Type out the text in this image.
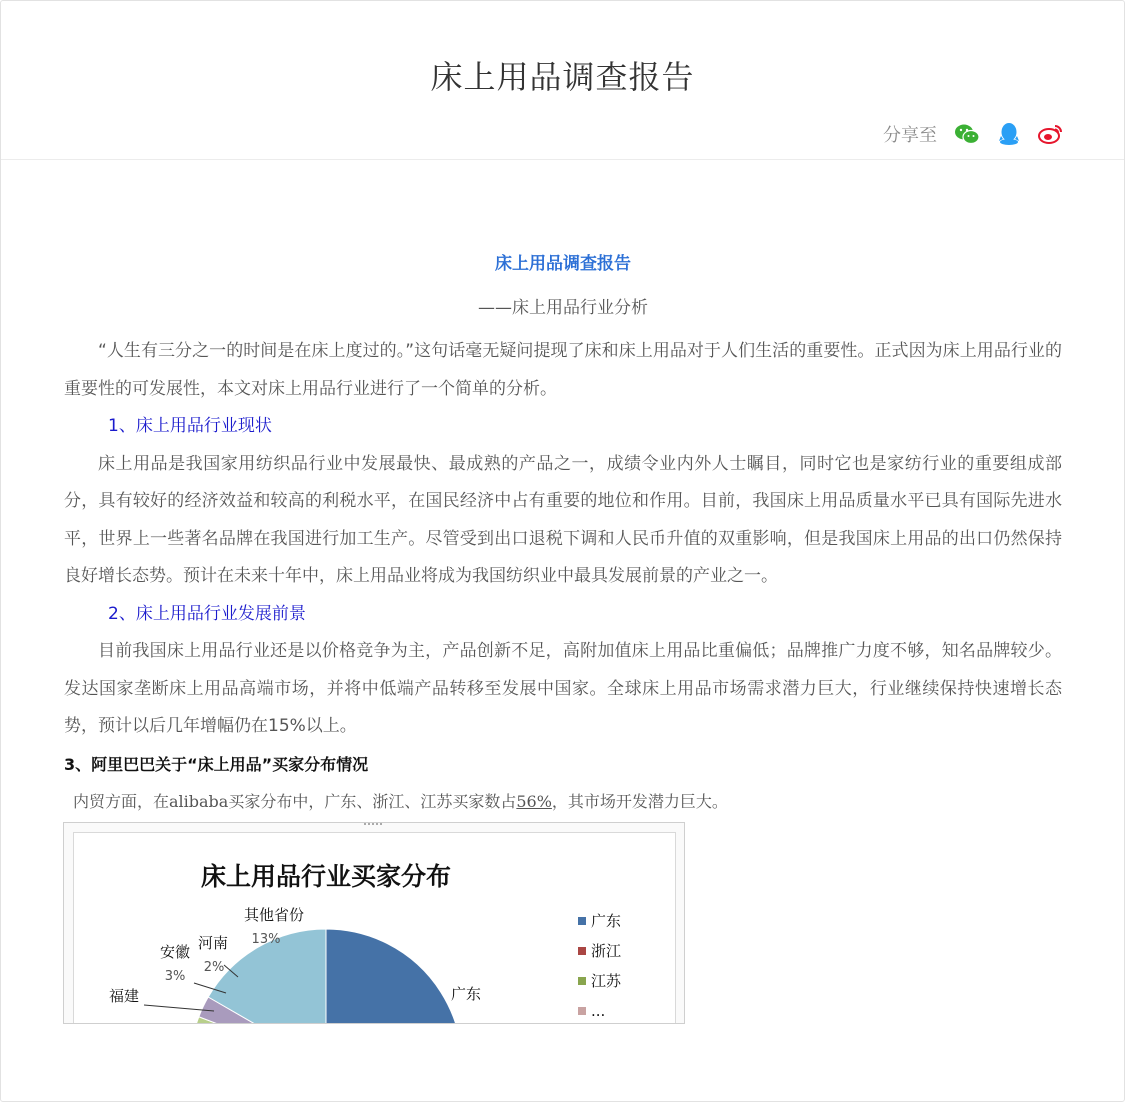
床上用品调查报告
分享至
床上用品调查报告
——床上用品行业分析

“人生有三分之一的时间是在床上度过的。”这句话毫无疑问提现了床和床上用品对于人们生活的重要性。正式因为床上用品行业的重要性的可发展性，本文对床上用品行业进行了一个简单的分析。

1、床上用品行业现状

床上用品是我国家用纺织品行业中发展最快、最成熟的产品之一，成绩令业内外人士瞩目，同时它也是家纺行业的重要组成部分，具有较好的经济效益和较高的利税水平，在国民经济中占有重要的地位和作用。目前，我国床上用品质量水平已具有国际先进水平，世界上一些著名品牌在我国进行加工生产。尽管受到出口退税下调和人民币升值的双重影响，但是我国床上用品的出口仍然保持良好增长态势。预计在未来十年中，床上用品业将成为我国纺织业中最具发展前景的产业之一。

2、床上用品行业发展前景

目前我国床上用品行业还是以价格竞争为主，产品创新不足，高附加值床上用品比重偏低；品牌推广力度不够，知名品牌较少。发达国家垄断床上用品高端市场，并将中低端产品转移至发展中国家。全球床上用品市场需求潜力巨大，行业继续保持快速增长态势，预计以后几年增幅仍在15%以上。

3、阿里巴巴关于“床上用品”买家分布情况

内贸方面，在alibaba买家分布中，广东、浙江、江苏买家数占56%，其市场开发潜力巨大。

床上用品行业买家分布
其他省份
13%
河南
2%
安徽
3%
福建	广东
广东
浙江
江苏
...
